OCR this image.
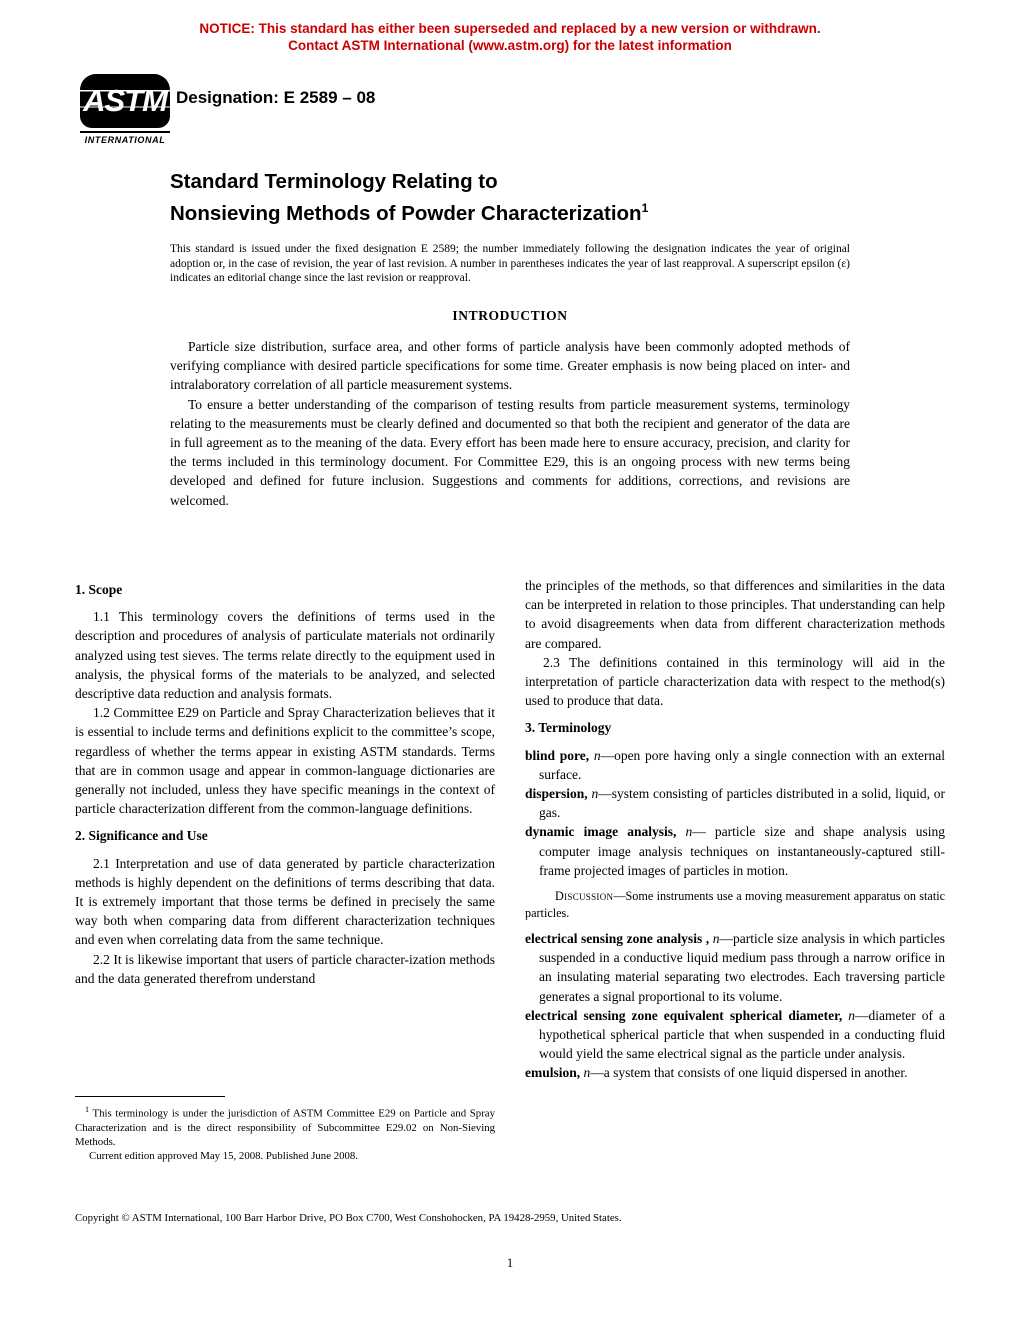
NOTICE: This standard has either been superseded and replaced by a new version or withdrawn.
Contact ASTM International (www.astm.org) for the latest information
ASTM
INTERNATIONAL
Designation: E 2589 – 08
Standard Terminology Relating to
Nonsieving Methods of Powder Characterization$^1$
This standard is issued under the fixed designation E 2589; the number immediately following the designation indicates the year of original adoption or, in the case of revision, the year of last revision. A number in parentheses indicates the year of last reapproval. A superscript epsilon (ε) indicates an editorial change since the last revision or reapproval.
INTRODUCTION

Particle size distribution, surface area, and other forms of particle analysis have been commonly adopted methods of verifying compliance with desired particle specifications for some time. Greater emphasis is now being placed on inter- and intralaboratory correlation of all particle measurement systems.

To ensure a better understanding of the comparison of testing results from particle measurement systems, terminology relating to the measurements must be clearly defined and documented so that both the recipient and generator of the data are in full agreement as to the meaning of the data. Every effort has been made here to ensure accuracy, precision, and clarity for the terms included in this terminology document. For Committee E29, this is an ongoing process with new terms being developed and defined for future inclusion. Suggestions and comments for additions, corrections, and revisions are welcomed.

1. Scope

1.1 This terminology covers the definitions of terms used in the description and procedures of analysis of particulate materials not ordinarily analyzed using test sieves. The terms relate directly to the equipment used in analysis, the physical forms of the materials to be analyzed, and selected descriptive data reduction and analysis formats.

1.2 Committee E29 on Particle and Spray Characterization believes that it is essential to include terms and definitions explicit to the committee’s scope, regardless of whether the terms appear in existing ASTM standards. Terms that are in common usage and appear in common-language dictionaries are generally not included, unless they have specific meanings in the context of particle characterization different from the common-language definitions.

2. Significance and Use

2.1 Interpretation and use of data generated by particle characterization methods is highly dependent on the definitions of terms describing that data. It is extremely important that those terms be defined in precisely the same way both when comparing data from different characterization techniques and even when correlating data from the same technique.

2.2 It is likewise important that users of particle character-ization methods and the data generated therefrom understand

the principles of the methods, so that differences and similarities in the data can be interpreted in relation to those principles. That understanding can help to avoid disagreements when data from different characterization methods are compared.

2.3 The definitions contained in this terminology will aid in the interpretation of particle characterization data with respect to the method(s) used to produce that data.

3. Terminology

blind pore, n—open pore having only a single connection with an external surface.

dispersion, n—system consisting of particles distributed in a solid, liquid, or gas.

dynamic image analysis, n— particle size and shape analysis using computer image analysis techniques on instantaneously-captured still-frame projected images of particles in motion.

Discussion—Some instruments use a moving measurement apparatus on static particles.

electrical sensing zone analysis , n—particle size analysis in which particles suspended in a conductive liquid medium pass through a narrow orifice in an insulating material separating two electrodes. Each traversing particle generates a signal proportional to its volume.

electrical sensing zone equivalent spherical diameter, n—diameter of a hypothetical spherical particle that when suspended in a conducting fluid would yield the same electrical signal as the particle under analysis.

emulsion, n—a system that consists of one liquid dispersed in another.

$^1$ This terminology is under the jurisdiction of ASTM Committee E29 on Particle and Spray Characterization and is the direct responsibility of Subcommittee E29.02 on Non-Sieving Methods.

Current edition approved May 15, 2008. Published June 2008.

Copyright © ASTM International, 100 Barr Harbor Drive, PO Box C700, West Conshohocken, PA 19428-2959, United States.
1
